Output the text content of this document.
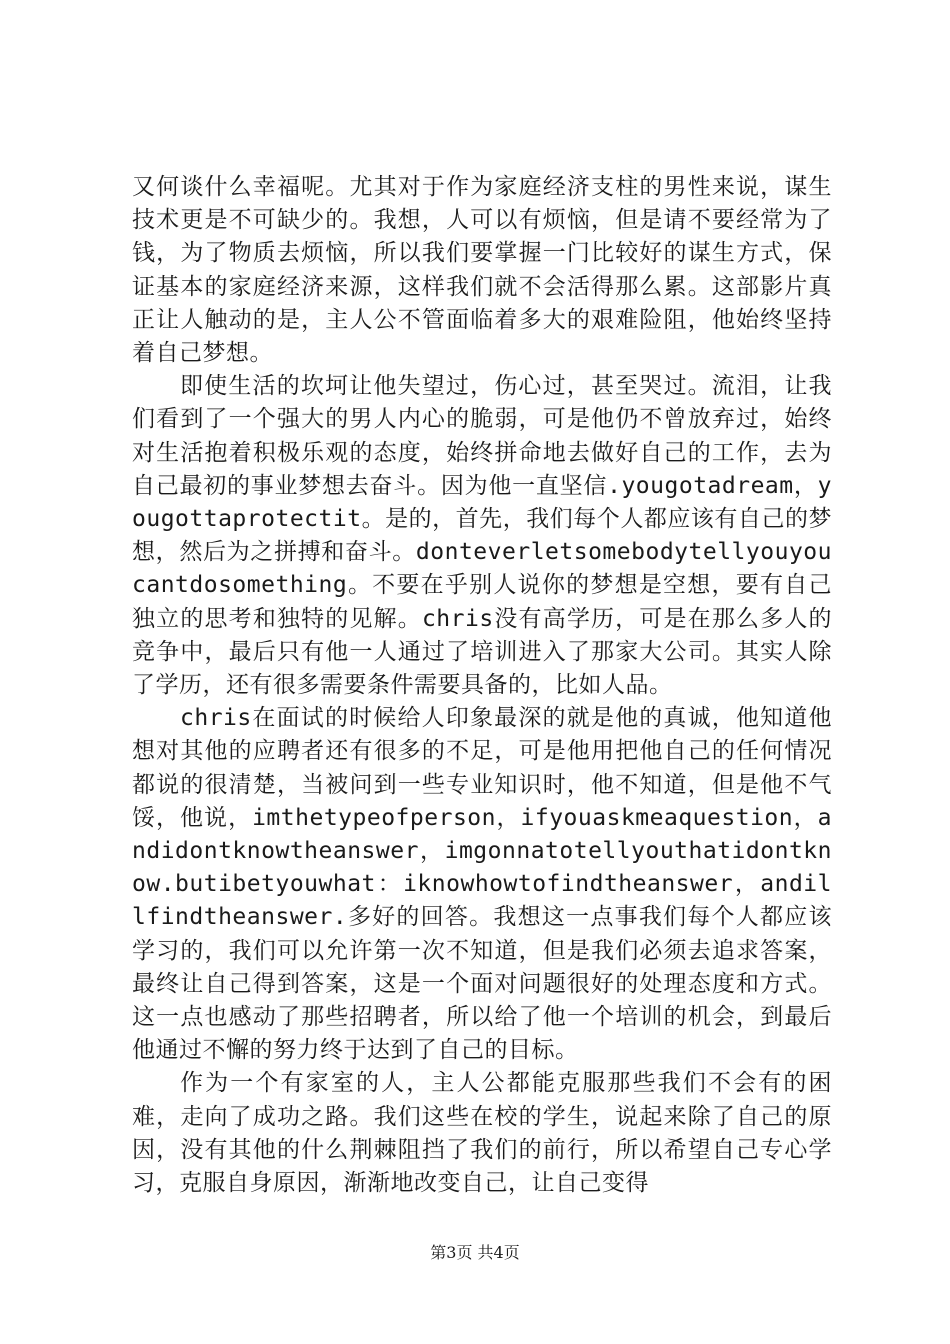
又何谈什么幸福呢。尤其对于作为家庭经济支柱的男性来说，谋生技术更是不可缺少的。我想，人可以有烦恼，但是请不要经常为了钱，为了物质去烦恼，所以我们要掌握一门比较好的谋生方式，保证基本的家庭经济来源，这样我们就不会活得那么累。这部影片真正让人触动的是，主人公不管面临着多大的艰难险阻，他始终坚持着自己梦想。

即使生活的坎坷让他失望过，伤心过，甚至哭过。流泪，让我们看到了一个强大的男人内心的脆弱，可是他仍不曾放弃过，始终对生活抱着积极乐观的态度，始终拼命地去做好自己的工作，去为自己最初的事业梦想去奋斗。因为他一直坚信.yougotadream，yougottaprotectit。是的，首先，我们每个人都应该有自己的梦想，然后为之拼搏和奋斗。donteverletsomebodytellyouyoucantdosomething。不要在乎别人说你的梦想是空想，要有自己独立的思考和独特的见解。chris没有高学历，可是在那么多人的竞争中，最后只有他一人通过了培训进入了那家大公司。其实人除了学历，还有很多需要条件需要具备的，比如人品。

chris在面试的时候给人印象最深的就是他的真诚，他知道他想对其他的应聘者还有很多的不足，可是他用把他自己的任何情况都说的很清楚，当被问到一些专业知识时，他不知道，但是他不气馁，他说，imthetypeofperson，ifyouaskmeaquestion，andidontknowtheanswer，imgonnatotellyouthatidontknow.butibetyouwhat：iknowhowtofindtheanswer，andillfindtheanswer.多好的回答。我想这一点事我们每个人都应该学习的，我们可以允许第一次不知道，但是我们必须去追求答案，最终让自己得到答案，这是一个面对问题很好的处理态度和方式。这一点也感动了那些招聘者，所以给了他一个培训的机会，到最后他通过不懈的努力终于达到了自己的目标。

作为一个有家室的人，主人公都能克服那些我们不会有的困难，走向了成功之路。我们这些在校的学生，说起来除了自己的原因，没有其他的什么荆棘阻挡了我们的前行，所以希望自己专心学习，克服自身原因，渐渐地改变自己，让自己变得

第3页 共4页
